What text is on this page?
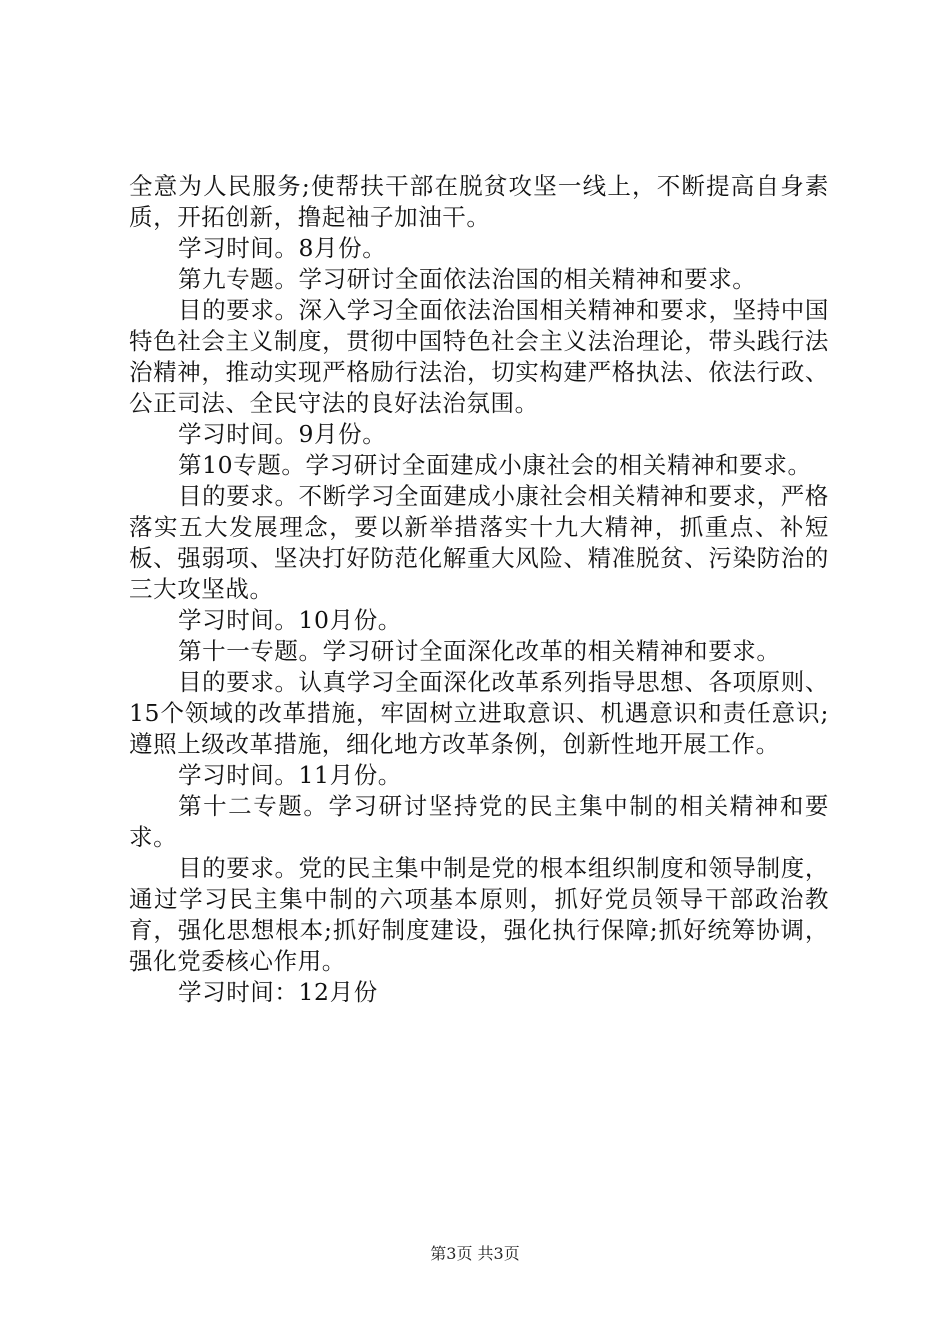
全意为人民服务;使帮扶干部在脱贫攻坚一线上，不断提高自身素质，开拓创新，撸起袖子加油干。

学习时间。8月份。

第九专题。学习研讨全面依法治国的相关精神和要求。

目的要求。深入学习全面依法治国相关精神和要求，坚持中国特色社会主义制度，贯彻中国特色社会主义法治理论，带头践行法治精神，推动实现严格励行法治，切实构建严格执法、依法行政、公正司法、全民守法的良好法治氛围。

学习时间。9月份。

第10专题。学习研讨全面建成小康社会的相关精神和要求。

目的要求。不断学习全面建成小康社会相关精神和要求，严格落实五大发展理念，要以新举措落实十九大精神，抓重点、补短板、强弱项、坚决打好防范化解重大风险、精准脱贫、污染防治的三大攻坚战。

学习时间。10月份。

第十一专题。学习研讨全面深化改革的相关精神和要求。

目的要求。认真学习全面深化改革系列指导思想、各项原则、15个领域的改革措施，牢固树立进取意识、机遇意识和责任意识;遵照上级改革措施，细化地方改革条例，创新性地开展工作。

学习时间。11月份。

第十二专题。学习研讨坚持党的民主集中制的相关精神和要求。

目的要求。党的民主集中制是党的根本组织制度和领导制度，通过学习民主集中制的六项基本原则，抓好党员领导干部政治教育，强化思想根本;抓好制度建设，强化执行保障;抓好统筹协调，强化党委核心作用。

学习时间：12月份

第3页 共3页
